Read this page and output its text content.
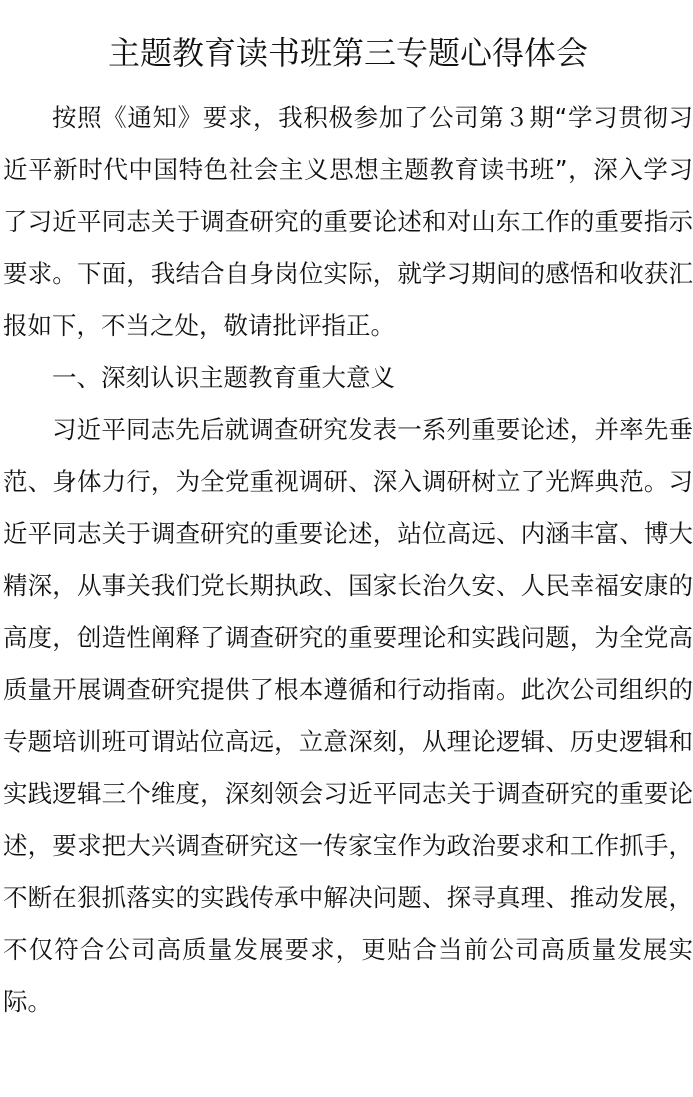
主题教育读书班第三专题心得体会

按照《通知》要求，我积极参加了公司第３期“学习贯彻习近平新时代中国特色社会主义思想主题教育读书班”，深入学习了习近平同志关于调查研究的重要论述和对山东工作的重要指示要求。下面，我结合自身岗位实际，就学习期间的感悟和收获汇报如下，不当之处，敬请批评指正。

一、深刻认识主题教育重大意义

习近平同志先后就调查研究发表一系列重要论述，并率先垂范、身体力行，为全党重视调研、深入调研树立了光辉典范。习近平同志关于调查研究的重要论述，站位高远、内涵丰富、博大精深，从事关我们党长期执政、国家长治久安、人民幸福安康的高度，创造性阐释了调查研究的重要理论和实践问题，为全党高质量开展调查研究提供了根本遵循和行动指南。此次公司组织的专题培训班可谓站位高远，立意深刻，从理论逻辑、历史逻辑和实践逻辑三个维度，深刻领会习近平同志关于调查研究的重要论述，要求把大兴调查研究这一传家宝作为政治要求和工作抓手，不断在狠抓落实的实践传承中解决问题、探寻真理、推动发展，不仅符合公司高质量发展要求，更贴合当前公司高质量发展实际。
